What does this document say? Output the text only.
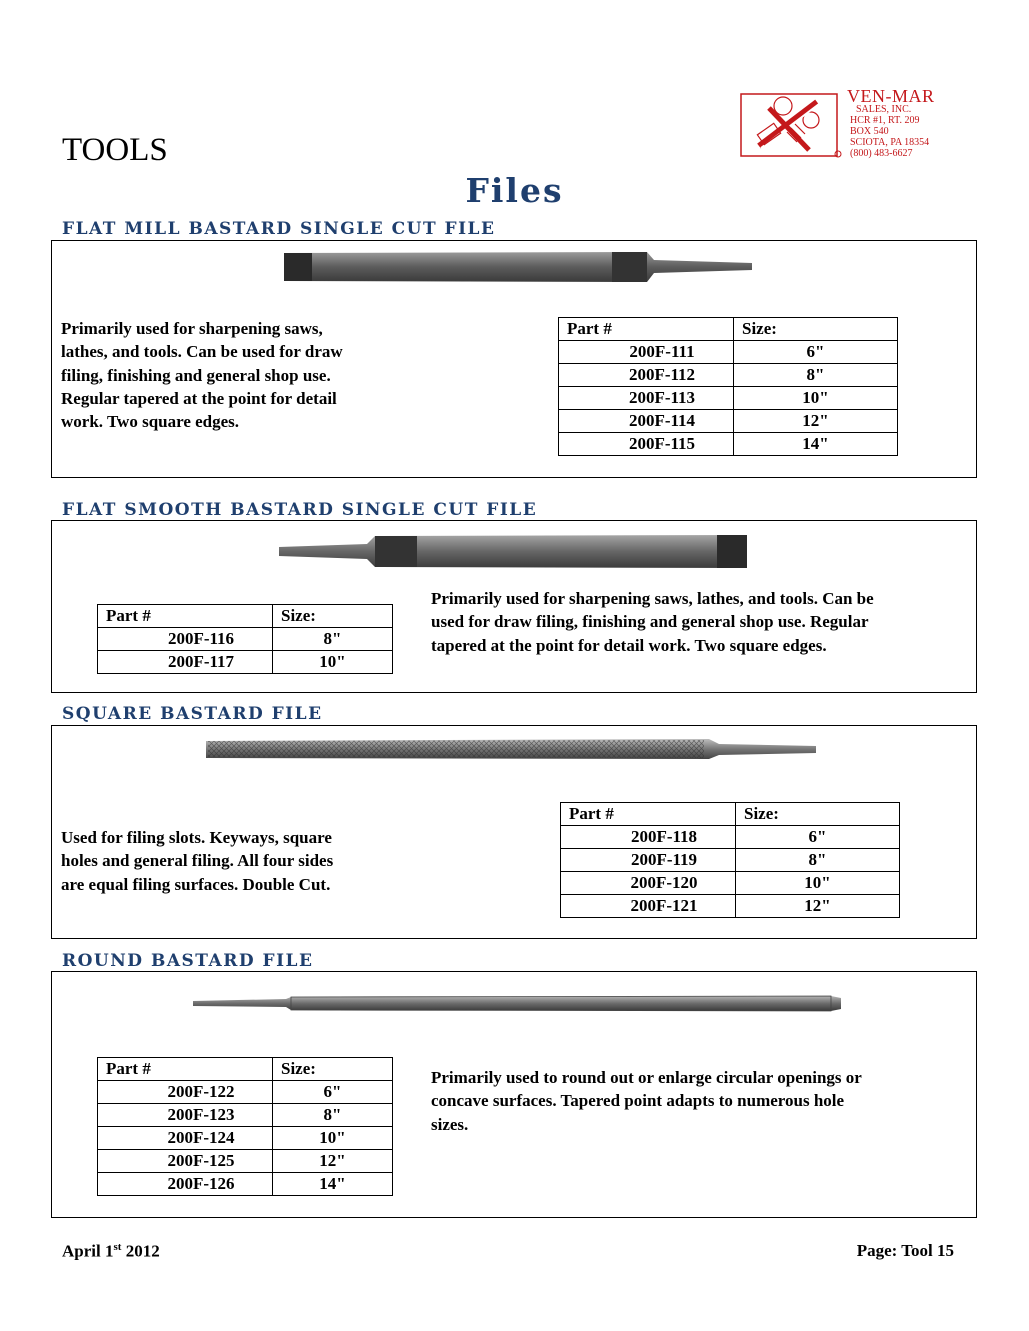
VEN-MAR
SALES, INC.
HCR #1, RT. 209
BOX 540
SCIOTA, PA 18354
(800) 483-6627
TOOLS
Files
FLAT MILL BASTARD SINGLE CUT FILE
Primarily used for sharpening saws,
lathes, and tools. Can be used for draw
filing, finishing and general shop use.
Regular tapered at the point for detail
work. Two square edges.
Part #	Size:
200F-111	6"
200F-112	8"
200F-113	10"
200F-114	12"
200F-115	14"
FLAT SMOOTH BASTARD SINGLE CUT FILE
Part #	Size:
200F-116	8"
200F-117	10"
Primarily used for sharpening saws, lathes, and tools. Can be
used for draw filing, finishing and general shop use. Regular
tapered at the point for detail work. Two square edges.
SQUARE BASTARD FILE
Part #	Size:
200F-118	6"
200F-119	8"
200F-120	10"
200F-121	12"
Used for filing slots. Keyways, square
holes and general filing. All four sides
are equal filing surfaces. Double Cut.
ROUND BASTARD FILE
Part #	Size:
200F-122	6"
200F-123	8"
200F-124	10"
200F-125	12"
200F-126	14"
Primarily used to round out or enlarge circular openings or
concave surfaces. Tapered point adapts to numerous hole
sizes.
April 1st 2012	Page: Tool 15
